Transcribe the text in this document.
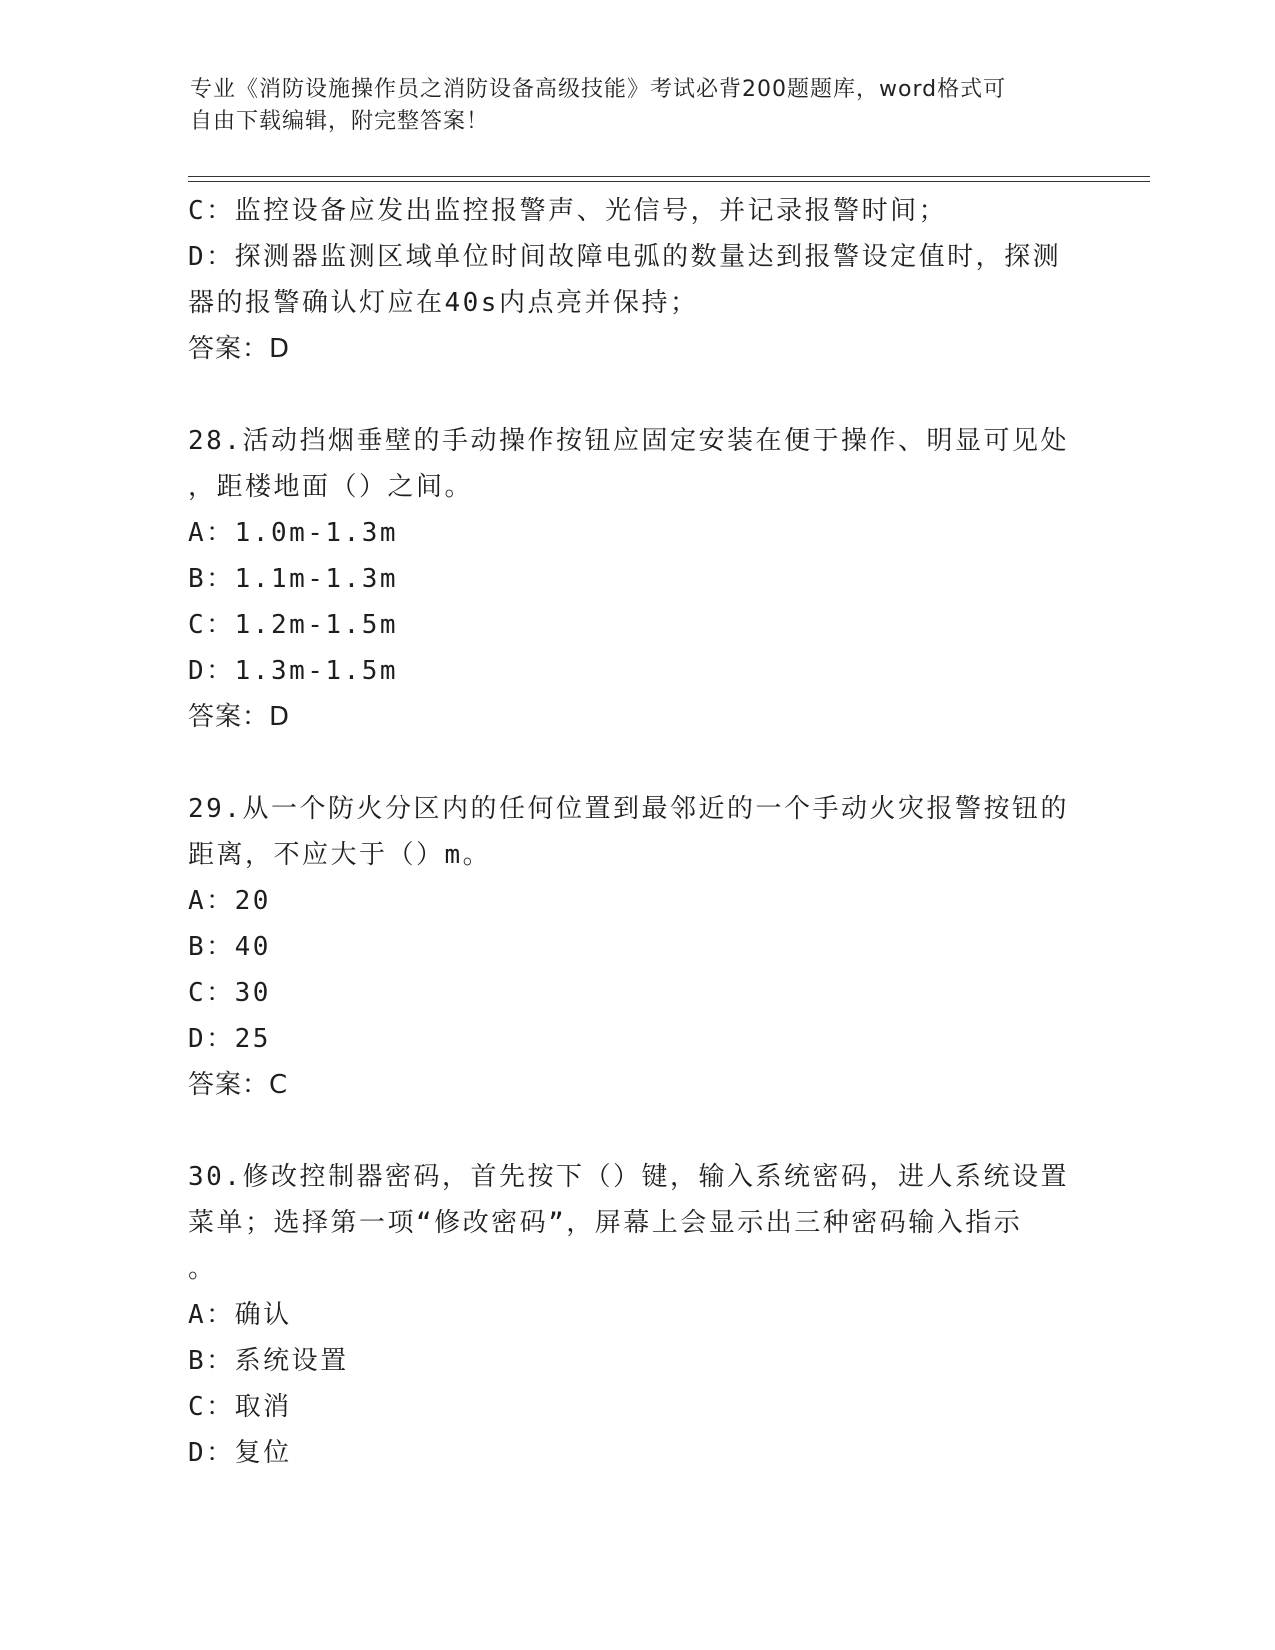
专业《消防设施操作员之消防设备高级技能》考试必背200题题库，word格式可
自由下载编辑，附完整答案！
C：监控设备应发出监控报警声、光信号，并记录报警时间；
D：探测器监测区域单位时间故障电弧的数量达到报警设定值时，探测
器的报警确认灯应在40s内点亮并保持；
答案：D
28.活动挡烟垂壁的手动操作按钮应固定安装在便于操作、明显可见处
，距楼地面（）之间。
A：1.0m-1.3m
B：1.1m-1.3m
C：1.2m-1.5m
D：1.3m-1.5m
答案：D
29.从一个防火分区内的任何位置到最邻近的一个手动火灾报警按钮的
距离，不应大于（）m。
A：20
B：40
C：30
D：25
答案：C
30.修改控制器密码，首先按下（）键，输入系统密码，进人系统设置
菜单；选择第一项“修改密码”，屏幕上会显示出三种密码输入指示
。
A：确认
B：系统设置
C：取消
D：复位
